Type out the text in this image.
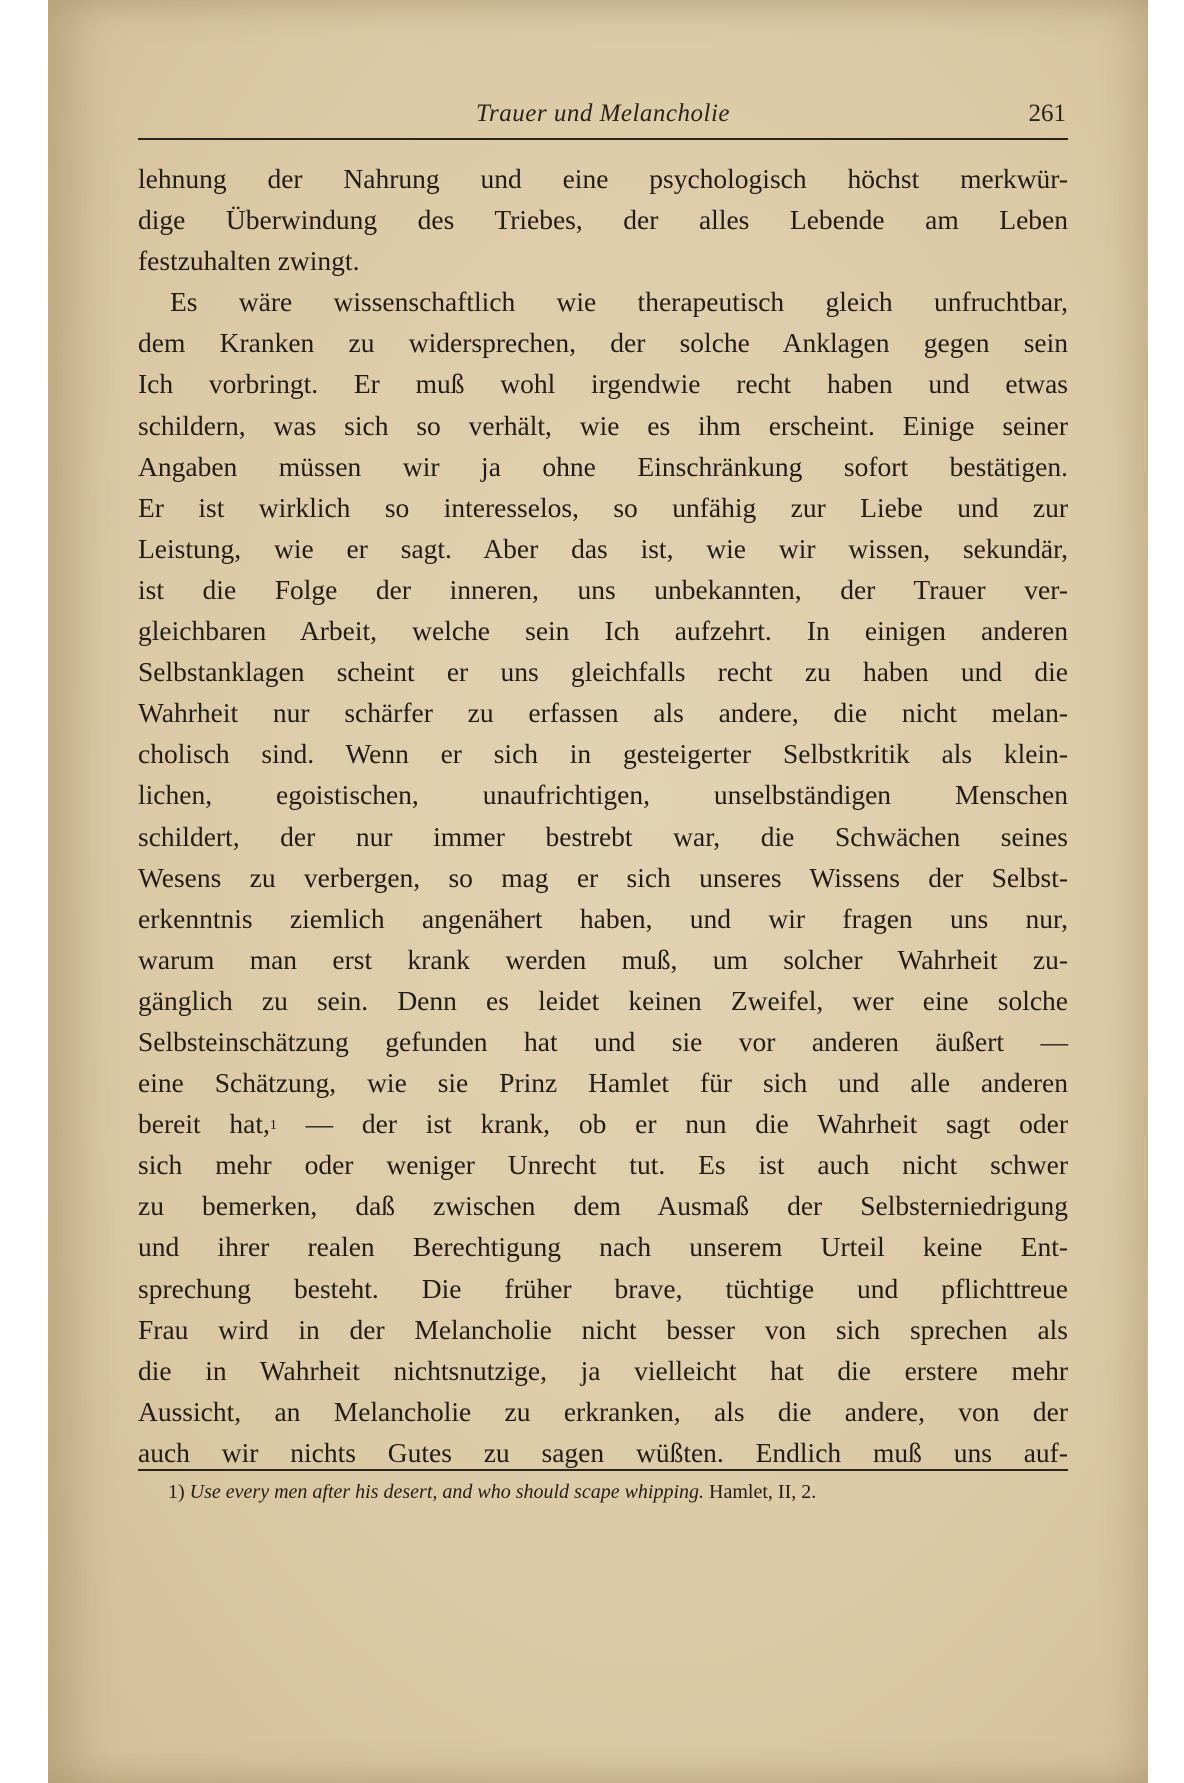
Trauer und Melancholie	261
lehnung der Nahrung und eine psychologisch höchst merkwür-
dige Überwindung des Triebes, der alles Lebende am Leben
festzuhalten zwingt.
Es wäre wissenschaftlich wie therapeutisch gleich unfruchtbar,
dem Kranken zu widersprechen, der solche Anklagen gegen sein
Ich vorbringt. Er muß wohl irgendwie recht haben und etwas
schildern, was sich so verhält, wie es ihm erscheint. Einige seiner
Angaben müssen wir ja ohne Einschränkung sofort bestätigen.
Er ist wirklich so interesselos, so unfähig zur Liebe und zur
Leistung, wie er sagt. Aber das ist, wie wir wissen, sekundär,
ist die Folge der inneren, uns unbekannten, der Trauer ver-
gleichbaren Arbeit, welche sein Ich aufzehrt. In einigen anderen
Selbstanklagen scheint er uns gleichfalls recht zu haben und die
Wahrheit nur schärfer zu erfassen als andere, die nicht melan-
cholisch sind. Wenn er sich in gesteigerter Selbstkritik als klein-
lichen, egoistischen, unaufrichtigen, unselbständigen Menschen
schildert, der nur immer bestrebt war, die Schwächen seines
Wesens zu verbergen, so mag er sich unseres Wissens der Selbst-
erkenntnis ziemlich angenähert haben, und wir fragen uns nur,
warum man erst krank werden muß, um solcher Wahrheit zu-
gänglich zu sein. Denn es leidet keinen Zweifel, wer eine solche
Selbsteinschätzung gefunden hat und sie vor anderen äußert —
eine Schätzung, wie sie Prinz Hamlet für sich und alle anderen
bereit hat,$^1$ — der ist krank, ob er nun die Wahrheit sagt oder
sich mehr oder weniger Unrecht tut. Es ist auch nicht schwer
zu bemerken, daß zwischen dem Ausmaß der Selbsterniedrigung
und ihrer realen Berechtigung nach unserem Urteil keine Ent-
sprechung besteht. Die früher brave, tüchtige und pflichttreue
Frau wird in der Melancholie nicht besser von sich sprechen als
die in Wahrheit nichtsnutzige, ja vielleicht hat die erstere mehr
Aussicht, an Melancholie zu erkranken, als die andere, von der
auch wir nichts Gutes zu sagen wüßten. Endlich muß uns auf-
1) Use every men after his desert, and who should scape whipping. Hamlet, II, 2.
